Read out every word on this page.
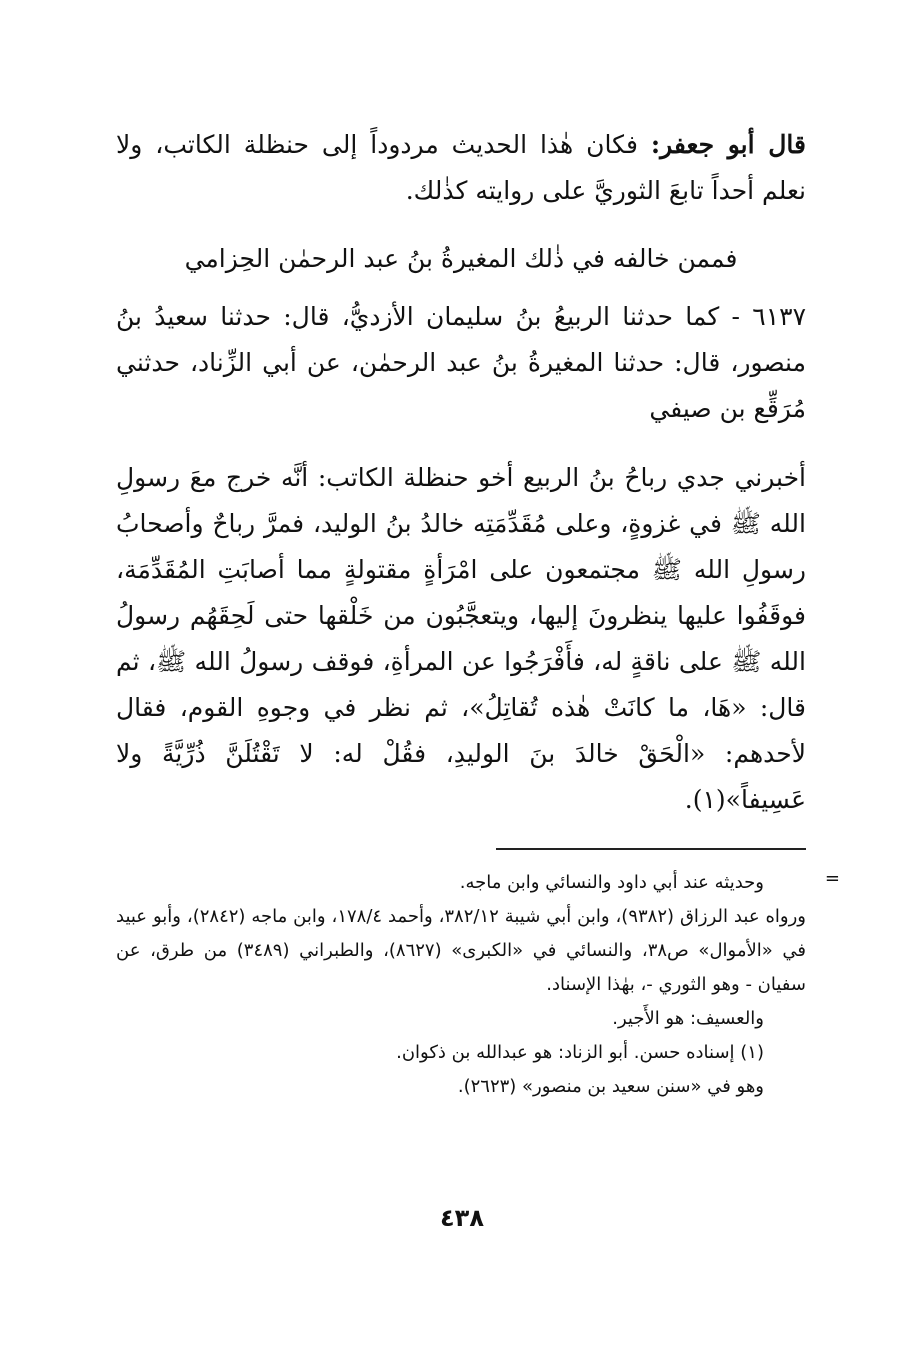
قال أبو جعفر: فكان هٰذا الحديث مردوداً إلى حنظلة الكاتب، ولا نعلم أحداً تابعَ الثوريَّ على روايته كذٰلك.
فممن خالفه في ذٰلك المغيرةُ بنُ عبد الرحمٰن الحِزامي
٦١٣٧ - كما حدثنا الربيعُ بنُ سليمان الأزديُّ، قال: حدثنا سعيدُ بنُ منصور، قال: حدثنا المغيرةُ بنُ عبد الرحمٰن، عن أبي الزِّناد، حدثني مُرَقِّع بن صيفي
أخبرني جدي رباحُ بنُ الربيع أخو حنظلة الكاتب: أنَّه خرج معَ رسولِ الله ﷺ في غزوةٍ، وعلى مُقَدِّمَتِه خالدُ بنُ الوليد، فمرَّ رباحٌ وأصحابُ رسولِ الله ﷺ مجتمعون على امْرَأةٍ مقتولةٍ مما أصابَتِ المُقَدِّمَة، فوقَفُوا عليها ينظرونَ إليها، ويتعجَّبُون من خَلْقها حتى لَحِقَهُم رسولُ الله ﷺ على ناقةٍ له، فأَفْرَجُوا عن المرأةِ، فوقف رسولُ الله ﷺ، ثم قال: «هَا، ما كانَتْ هٰذه تُقاتِلُ»، ثم نظر في وجوهِ القوم، فقال لأحدهم: «الْحَقْ خالدَ بنَ الوليدِ، فقُلْ له: لا تَقْتُلَنَّ ذُرِّيَّةً ولا عَسِيفاً»(١).
=
وحديثه عند أبي داود والنسائي وابن ماجه.
ورواه عبد الرزاق (٩٣٨٢)، وابن أبي شيبة ٣٨٢/١٢، وأحمد ١٧٨/٤، وابن ماجه (٢٨٤٢)، وأبو عبيد في «الأموال» ص٣٨، والنسائي في «الكبرى» (٨٦٢٧)، والطبراني (٣٤٨٩) من طرق، عن سفيان - وهو الثوري -، بهٰذا الإسناد.
والعسيف: هو الأَجير.
(١) إسناده حسن. أبو الزناد: هو عبدالله بن ذكوان.
وهو في «سنن سعيد بن منصور» (٢٦٢٣).
٤٣٨
